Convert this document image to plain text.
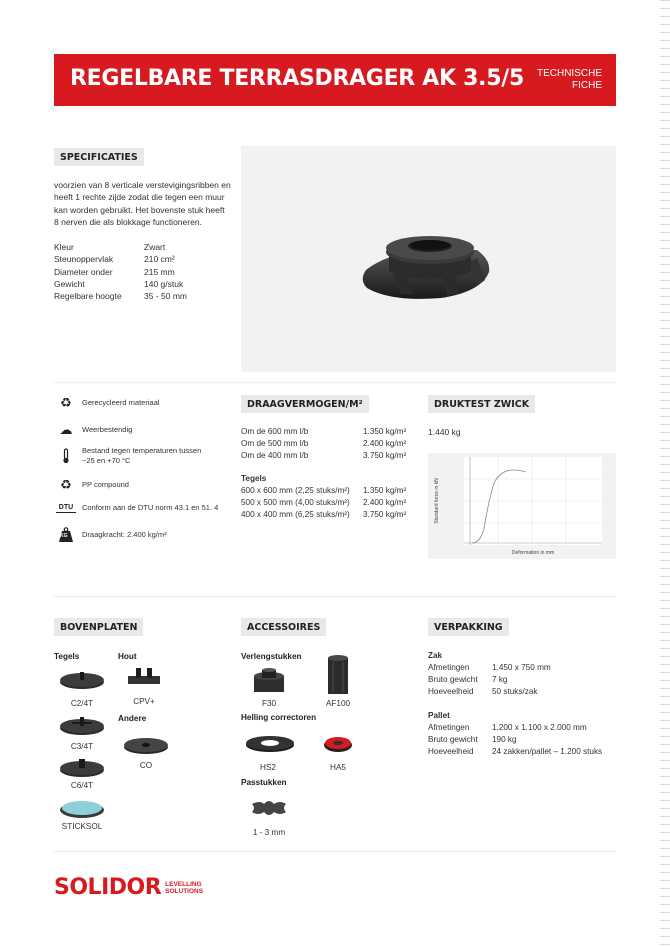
REGELBARE TERRASDRAGER AK 3.5/5 TECHNISCHE
FICHE
SPECIFICATIES
voorzien van 8 verticale verstevigingsribben en
heeft 1 rechte zijde zodat die tegen een muur
kan worden gebruikt. Het bovenste stuk heeft
8 nerven die als blokkage functioneren.
Kleur	Zwart
Steunoppervlak	210 cm²
Diameter onder	215 mm
Gewicht	140 g/stuk
Regelbare hoogte	35 - 50 mm
♻	Gerecycleerd materiaal
☁	Weerbestendig
Bestand tegen temperaturen tussen
−25 en +70 °C
♻	PP compound
DTU	Conform aan de DTU norm 43.1 en 51. 4
KG Draagkracht: 2.400 kg/m²
DRAAGVERMOGEN/M²
Om de 600 mm l/b	1.350 kg/m²
Om de 500 mm l/b	2.400 kg/m²
Om de 400 mm l/b	3.750 kg/m²
Tegels
600 x 600 mm (2,25 stuks/m²)	1.350 kg/m²
500 x 500 mm (4,00 stuks/m²)	2.400 kg/m²
400 x 400 mm (6,25 stuks/m²)	3.750 kg/m²
DRUKTEST ZWICK
1.440 kg
Standard force in kN
Deformation in mm
BOVENPLATEN
Tegels	Hout
Andere
C2/4T
C3/4T
C6/4T
STICKSOL
CPV+
CO
ACCESSOIRES
Verlengstukken
F30	AF100
Helling correctoren
HS2	HA5
Passtukken
1 - 3 mm
VERPAKKING
Zak
Afmetingen	1.450 x 750 mm
Bruto gewicht	7 kg
Hoeveelheid	50 stuks/zak
Pallet
Afmetingen	1.200 x 1.100 x 2.000 mm
Bruto gewicht	190 kg
Hoeveelheid	24 zakken/pallet – 1.200 stuks
SOLIDOR LEVELLING
SOLUTIONS
